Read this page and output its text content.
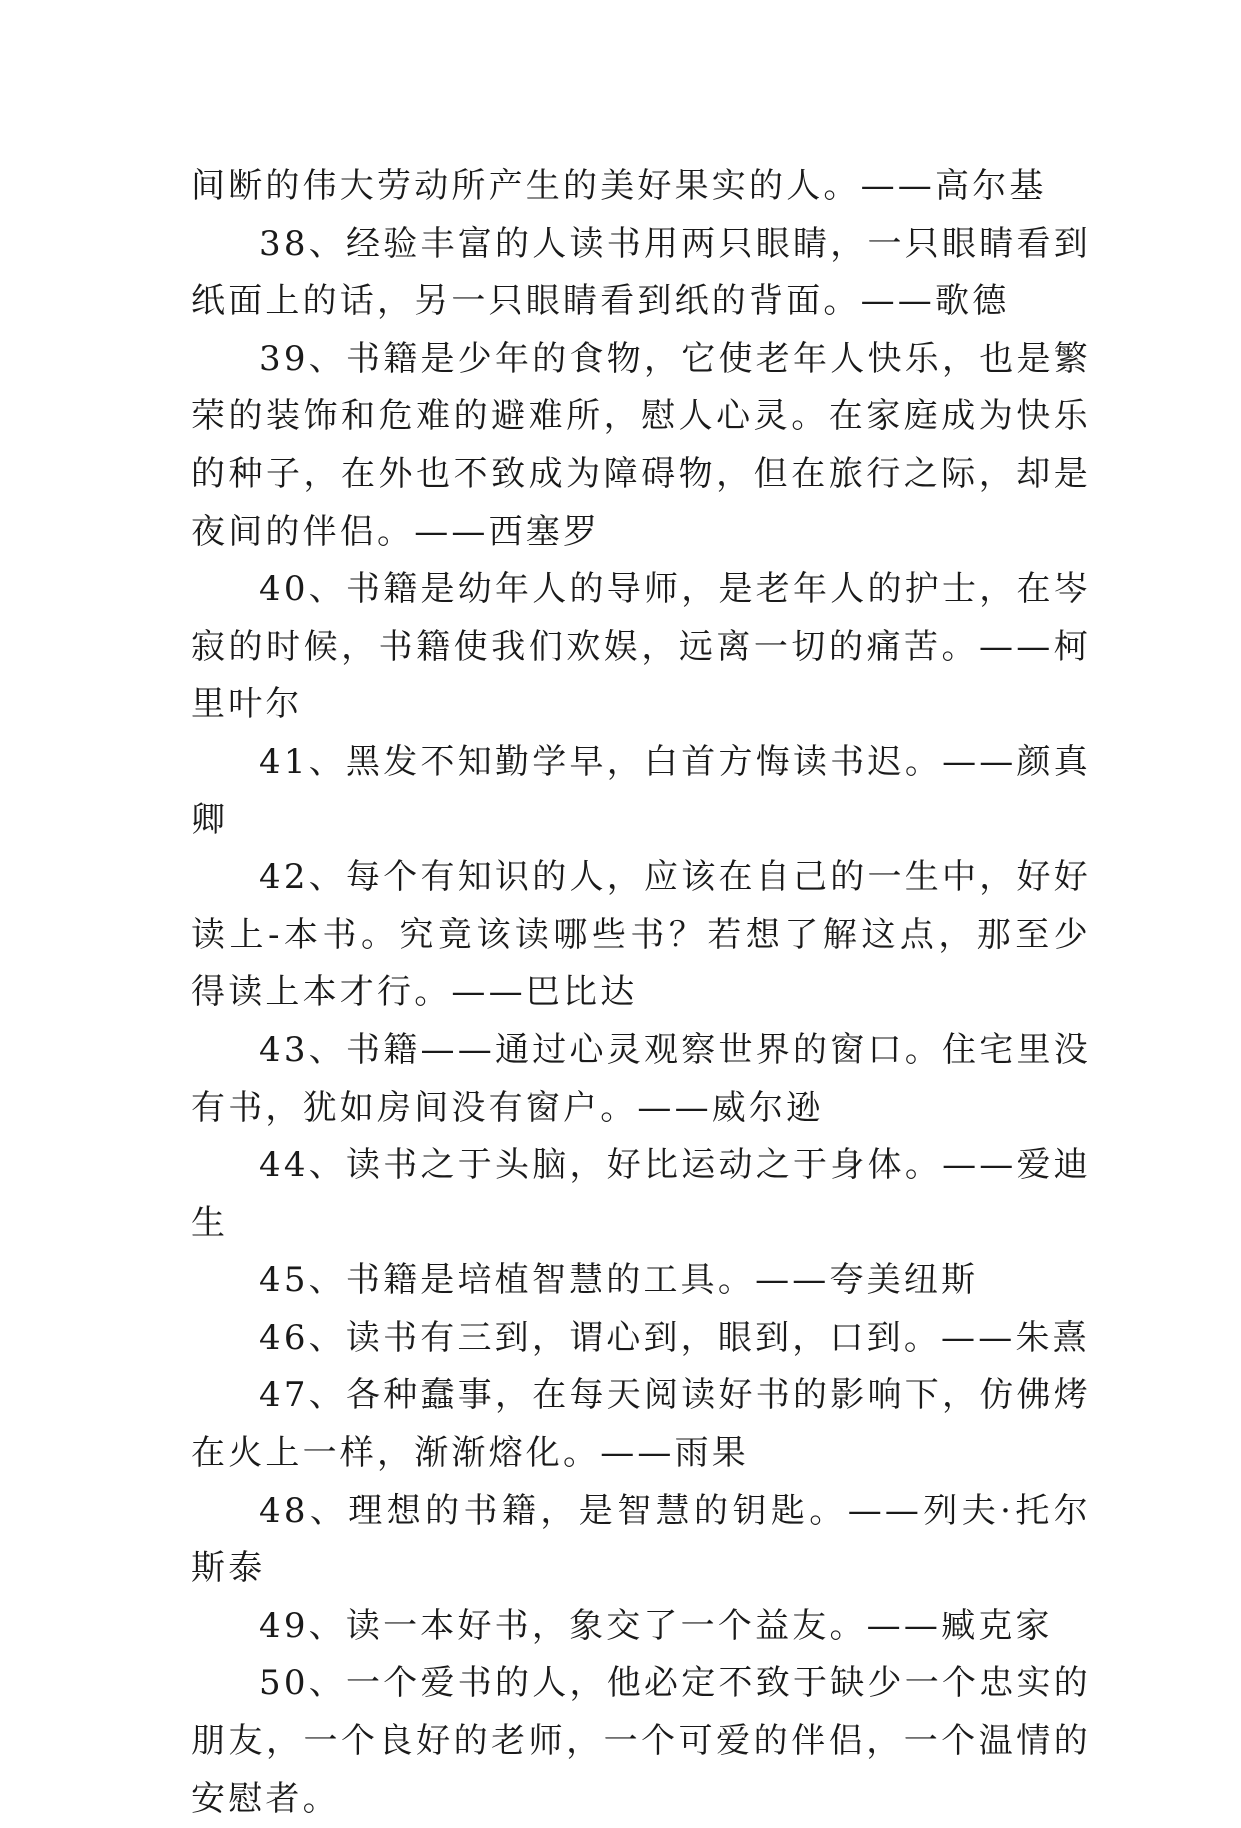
间断的伟大劳动所产生的美好果实的人。——高尔基

38、经验丰富的人读书用两只眼睛，一只眼睛看到纸面上的话，另一只眼睛看到纸的背面。——歌德

39、书籍是少年的食物，它使老年人快乐，也是繁荣的装饰和危难的避难所，慰人心灵。在家庭成为快乐的种子，在外也不致成为障碍物，但在旅行之际，却是夜间的伴侣。——西塞罗

40、书籍是幼年人的导师，是老年人的护士，在岑寂的时候，书籍使我们欢娱，远离一切的痛苦。——柯里叶尔

41、黑发不知勤学早，白首方悔读书迟。——颜真卿

42、每个有知识的人，应该在自己的一生中，好好读上-本书。究竟该读哪些书？若想了解这点，那至少得读上本才行。——巴比达

43、书籍——通过心灵观察世界的窗口。住宅里没有书，犹如房间没有窗户。——威尔逊

44、读书之于头脑，好比运动之于身体。——爱迪生

45、书籍是培植智慧的工具。——夸美纽斯

46、读书有三到，谓心到，眼到，口到。——朱熹

47、各种蠢事，在每天阅读好书的影响下，仿佛烤在火上一样，渐渐熔化。——雨果

48、理想的书籍，是智慧的钥匙。——列夫·托尔斯泰

49、读一本好书，象交了一个益友。——臧克家

50、一个爱书的人，他必定不致于缺少一个忠实的朋友，一个良好的老师，一个可爱的伴侣，一个温情的安慰者。
